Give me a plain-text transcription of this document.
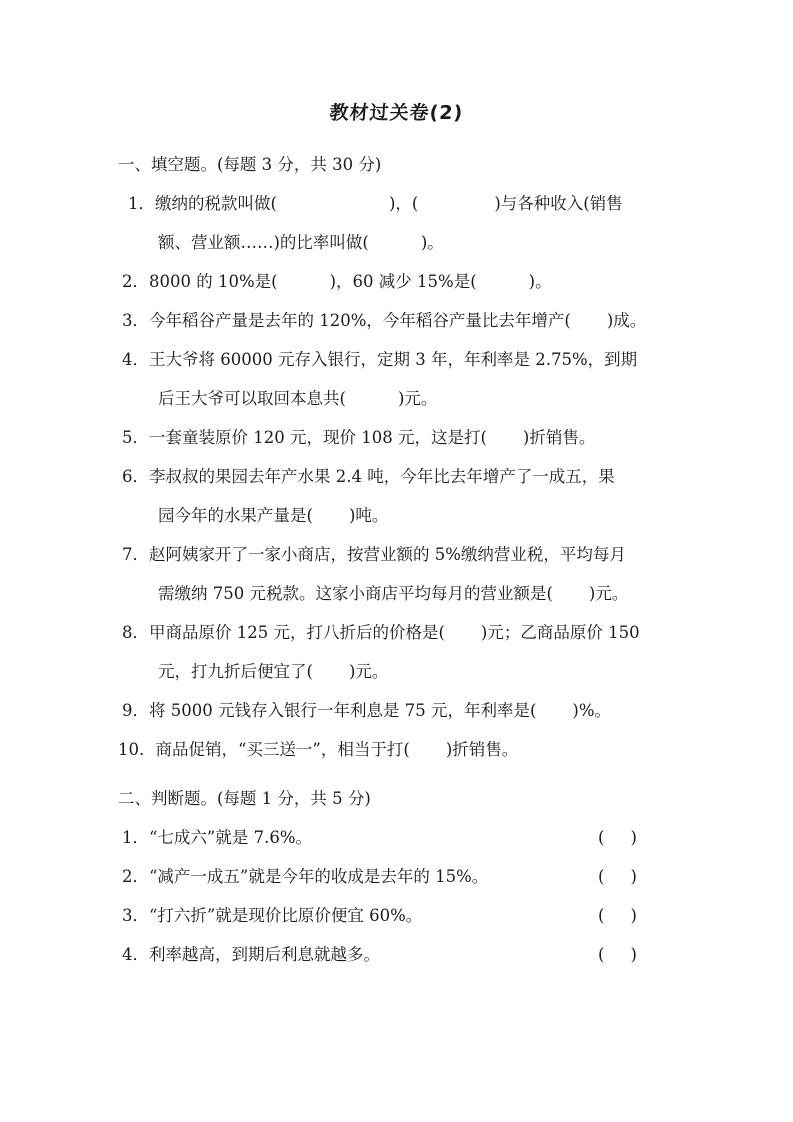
教材过关卷(2)
一、填空题。(每题 3 分，共 30 分)
1．缴纳的税款叫做(	)，(	)与各种收入(销售
额、营业额……)的比率叫做(	)。
2．8000 的 10%是(	)，60 减少 15%是(	)。
3．今年稻谷产量是去年的 120%，今年稻谷产量比去年增产( )成。
4．王大爷将 60000 元存入银行，定期 3 年，年利率是 2.75%，到期
后王大爷可以取回本息共(	)元。
5．一套童装原价 120 元，现价 108 元，这是打( )折销售。
6．李叔叔的果园去年产水果 2.4 吨，今年比去年增产了一成五，果
园今年的水果产量是( )吨。
7．赵阿姨家开了一家小商店，按营业额的 5%缴纳营业税，平均每月
需缴纳 750 元税款。这家小商店平均每月的营业额是( )元。
8．甲商品原价 125 元，打八折后的价格是( )元；乙商品原价 150
元，打九折后便宜了( )元。
9．将 5000 元钱存入银行一年利息是 75 元，年利率是( )%。
10．商品促销，“买三送一”，相当于打( )折销售。
二、判断题。(每题 1 分，共 5 分)
1．“七成六”就是 7.6%。	( )
2．“减产一成五”就是今年的收成是去年的 15%。	( )
3．“打六折”就是现价比原价便宜 60%。	( )
4．利率越高，到期后利息就越多。	( )
